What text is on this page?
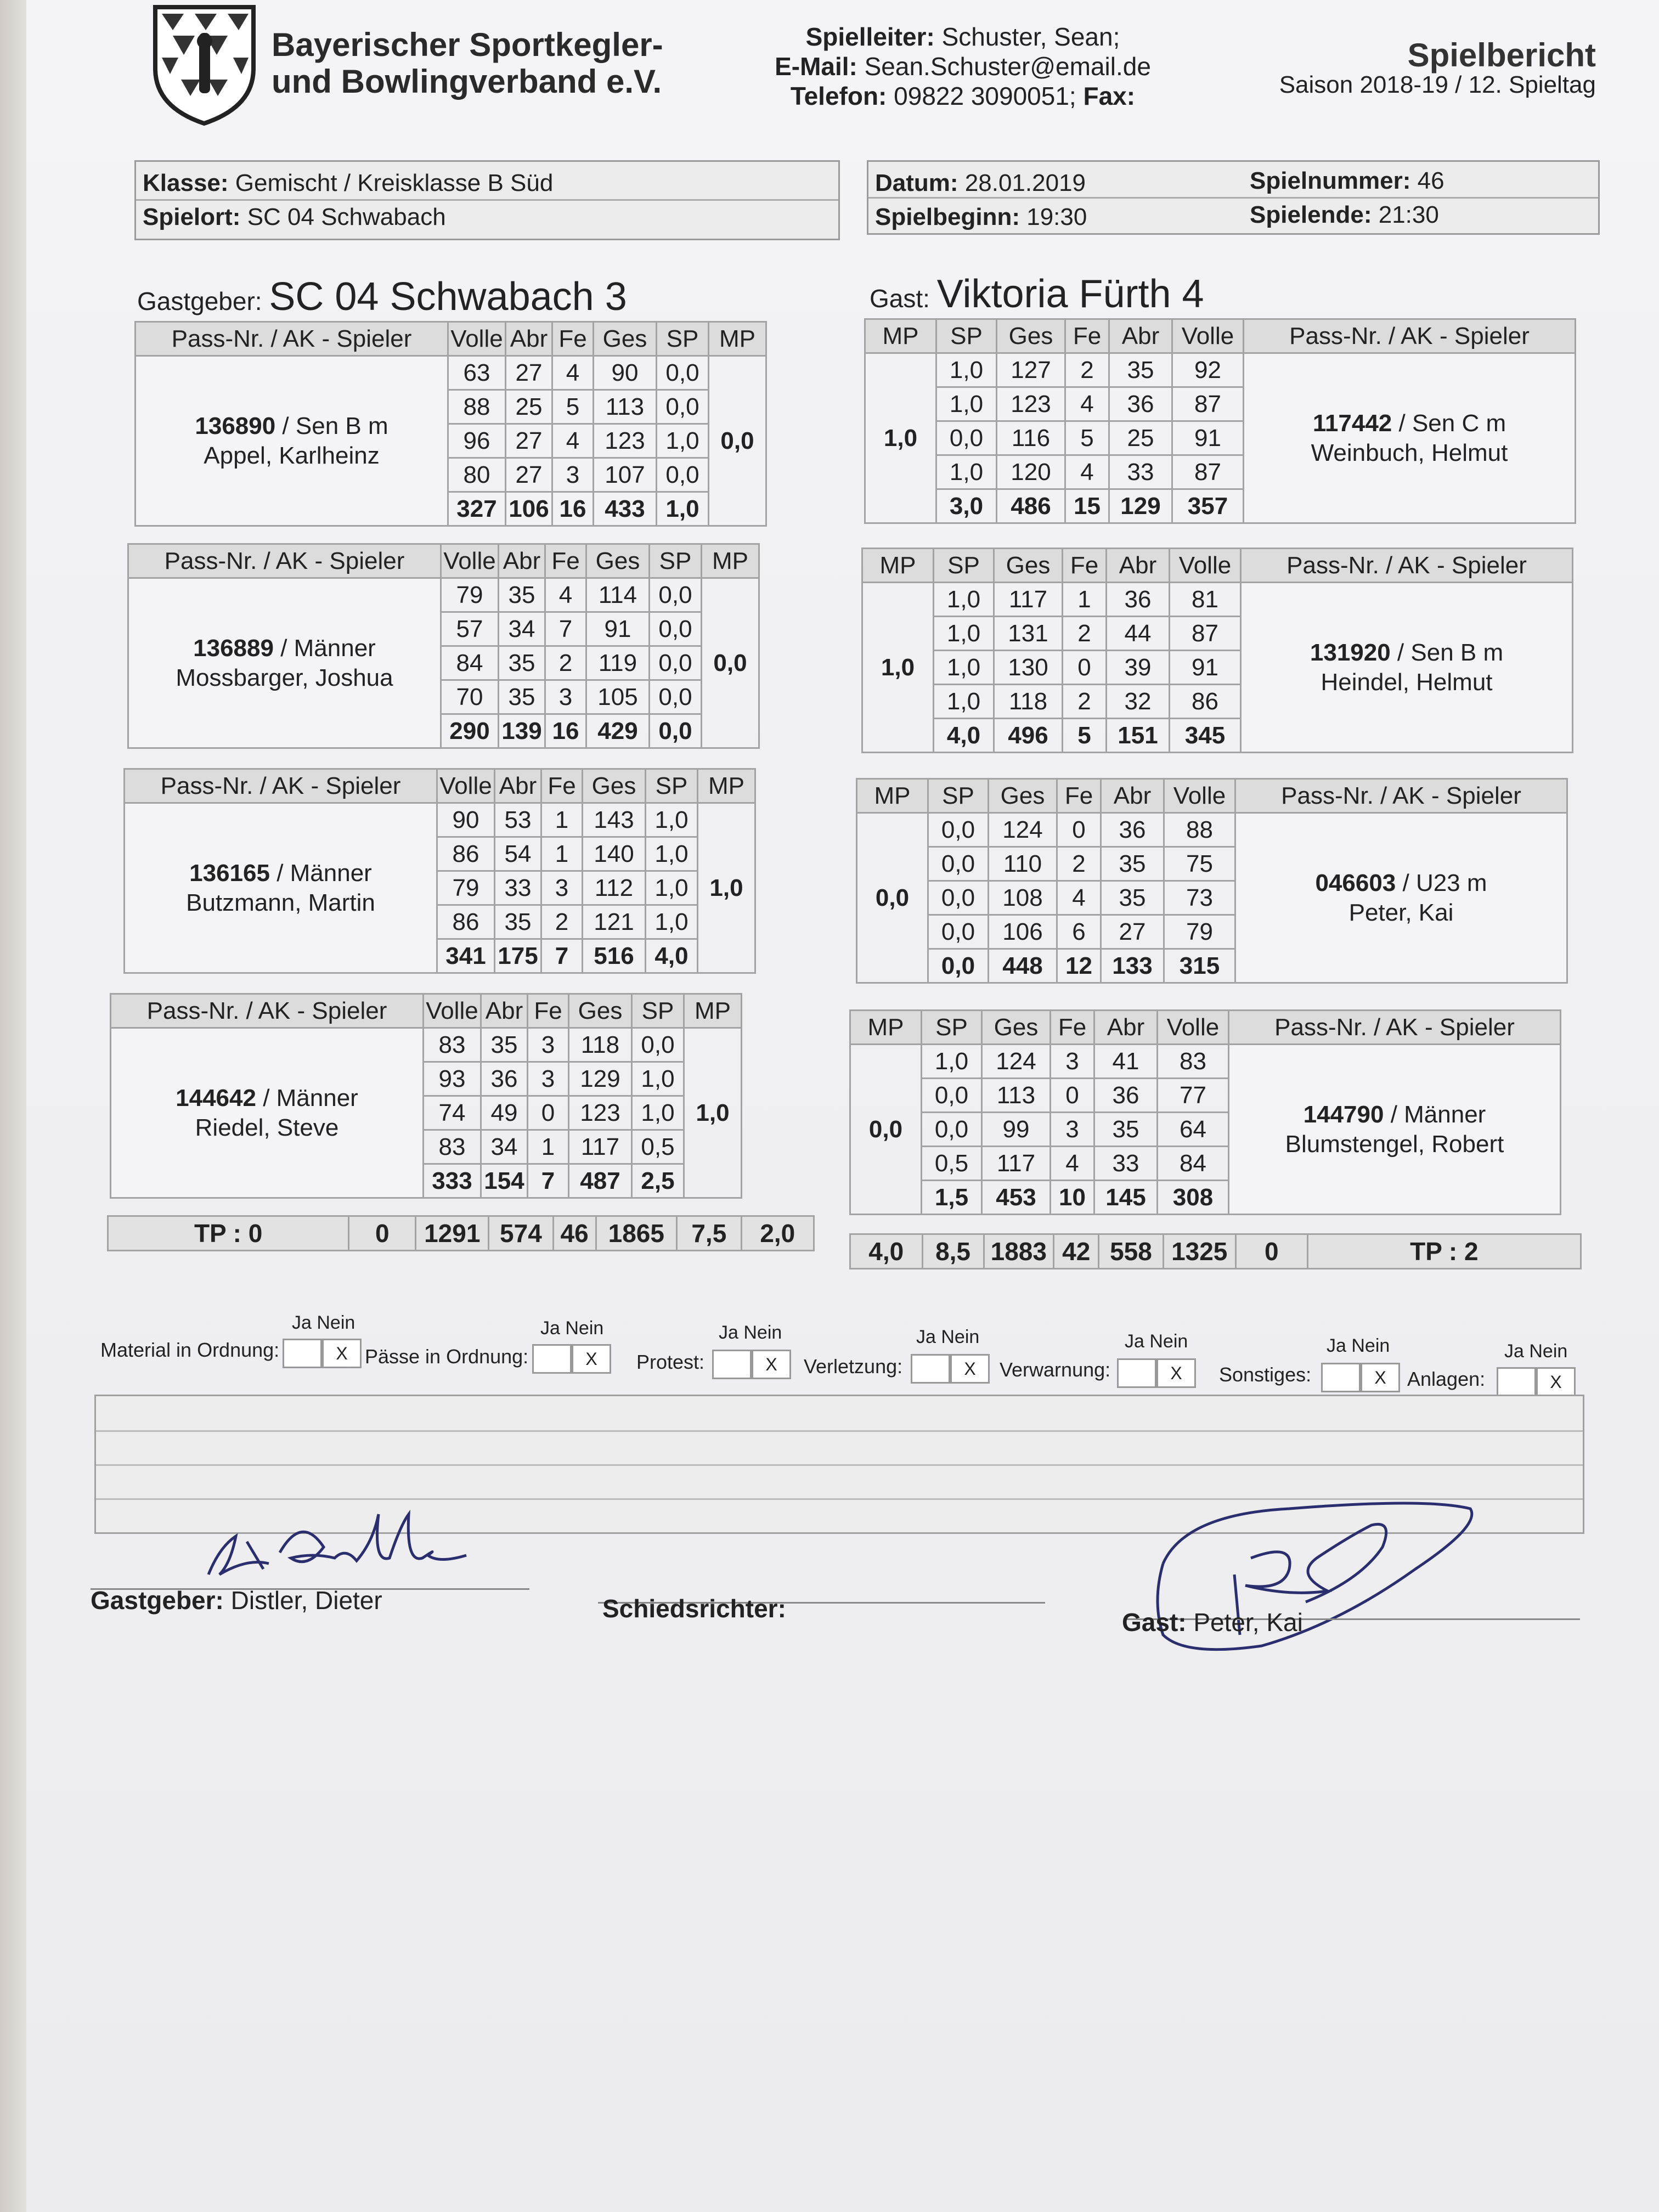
Bayerischer Sportkegler-
und Bowlingverband e.V.
Spielleiter: Schuster, Sean;
E-Mail: Sean.Schuster@email.de
Telefon: 09822 3090051; Fax:
Spielbericht
Saison 2018-19 / 12. Spieltag
Klasse: Gemischt / Kreisklasse B Süd
Spielort: SC 04 Schwabach
Datum: 28.01.2019
Spielbeginn: 19:30
Spielnummer: 46
Spielende: 21:30
Gastgeber: SC 04 Schwabach 3	Gast: Viktoria Fürth 4
Pass-Nr. / AK - Spieler	Volle	Abr	Fe	Ges	SP	MP

136890 / Sen B m
Appel, Karlheinz	63	27	4	90	0,0	0,0
	88	25	5	113	0,0	
	96	27	4	123	1,0	
	80	27	3	107	0,0	
	327	106	16	433	1,0	
Pass-Nr. / AK - Spieler	Volle	Abr	Fe	Ges	SP	MP

136889 / Männer
Mossbarger, Joshua	79	35	4	114	0,0	0,0
	57	34	7	91	0,0	
	84	35	2	119	0,0	
	70	35	3	105	0,0	
	290	139	16	429	0,0	
Pass-Nr. / AK - Spieler	Volle	Abr	Fe	Ges	SP	MP

136165 / Männer
Butzmann, Martin	90	53	1	143	1,0	1,0
	86	54	1	140	1,0	
	79	33	3	112	1,0	
	86	35	2	121	1,0	
	341	175	7	516	4,0	
Pass-Nr. / AK - Spieler	Volle	Abr	Fe	Ges	SP	MP

144642 / Männer
Riedel, Steve	83	35	3	118	0,0	1,0
	93	36	3	129	1,0	
	74	49	0	123	1,0	
	83	34	1	117	0,5	
	333	154	7	487	2,5	
MP	SP	Ges	Fe	Abr	Volle	Pass-Nr. / AK - Spieler
1,0	1,0	127	2	35	92	117442 / Sen C m
Weinbuch, Helmut

	1,0	123	4	36	87	
	0,0	116	5	25	91	
	1,0	120	4	33	87	
	3,0	486	15	129	357	
MP	SP	Ges	Fe	Abr	Volle	Pass-Nr. / AK - Spieler
1,0	1,0	117	1	36	81	131920 / Sen B m
Heindel, Helmut

	1,0	131	2	44	87	
	1,0	130	0	39	91	
	1,0	118	2	32	86	
	4,0	496	5	151	345	
MP	SP	Ges	Fe	Abr	Volle	Pass-Nr. / AK - Spieler
0,0	0,0	124	0	36	88	046603 / U23 m
Peter, Kai

	0,0	110	2	35	75	
	0,0	108	4	35	73	
	0,0	106	6	27	79	
	0,0	448	12	133	315	
MP	SP	Ges	Fe	Abr	Volle	Pass-Nr. / AK - Spieler
0,0	1,0	124	3	41	83	144790 / Männer
Blumstengel, Robert

	0,0	113	0	36	77	
	0,0	99	3	35	64	
	0,5	117	4	33	84	
	1,5	453	10	145	308	
TP : 0	0	1291	574	46	1865	7,5	2,0
4,0	8,5	1883	42	558	1325	0	TP : 2
Material in Ordnung:
Ja Nein
X Pässe in Ordnung:
Ja Nein
X	Protest:
Ja Nein
X	Verletzung:
Ja Nein
X	Verwarnung:
Ja Nein
X	Sonstiges:
Ja Nein
X	Anlagen:
Ja Nein
X
Gastgeber: Distler, Dieter	Schiedsrichter:	Gast: Peter, Kai
